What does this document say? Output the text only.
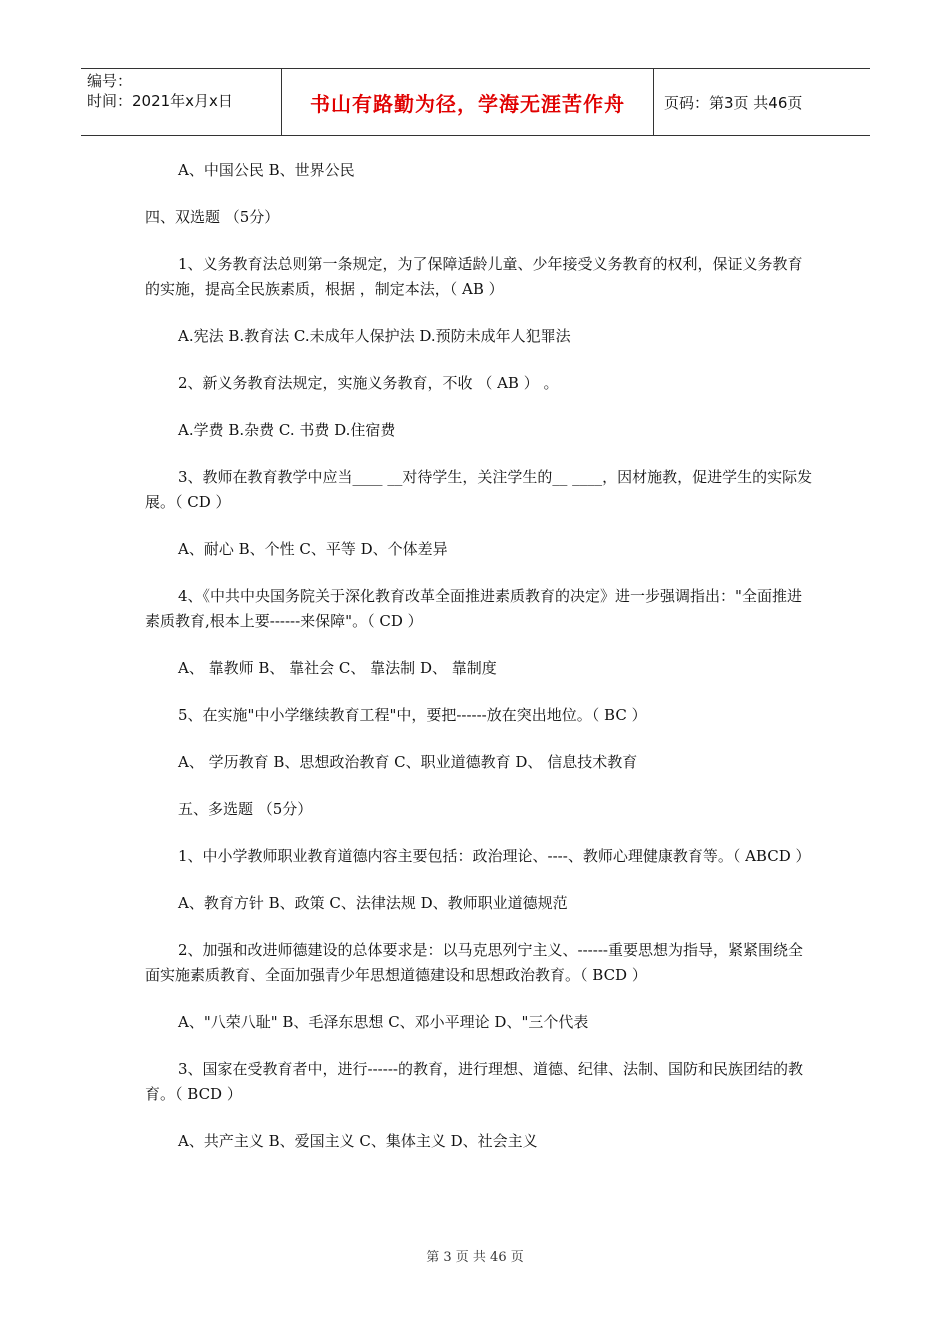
编号：
时间：2021年x月x日	书山有路勤为径，学海无涯苦作舟	页码：第3页 共46页

A、中国公民 B、世界公民

四、双选题 （5分）

1、义务教育法总则第一条规定，为了保障适龄儿童、少年接受义务教育的权利，保证义务教育的实施，提高全民族素质，根据 ，制定本法，（ AB ）

A.宪法 B.教育法 C.未成年人保护法 D.预防未成年人犯罪法

2、新义务教育法规定，实施义务教育，不收 （ AB ） 。

A.学费 B.杂费 C. 书费 D.住宿费

3、教师在教育教学中应当____ __对待学生，关注学生的__ ____，因材施教，促进学生的实际发展。（ CD ）

A、耐心 B、个性 C、平等 D、个体差异

4、《中共中央国务院关于深化教育改革全面推进素质教育的决定》进一步强调指出："全面推进素质教育,根本上要------来保障"。（ CD ）

A、 靠教师 B、 靠社会 C、 靠法制 D、 靠制度

5、在实施"中小学继续教育工程"中，要把------放在突出地位。（ BC ）

A、 学历教育 B、思想政治教育 C、职业道德教育 D、 信息技术教育

五、多选题 （5分）

1、中小学教师职业教育道德内容主要包括：政治理论、----、教师心理健康教育等。（ ABCD ）

A、教育方针 B、政策 C、法律法规 D、教师职业道德规范

2、加强和改进师德建设的总体要求是：以马克思列宁主义、------重要思想为指导，紧紧围绕全面实施素质教育、全面加强青少年思想道德建设和思想政治教育。（ BCD ）

A、"八荣八耻" B、毛泽东思想 C、邓小平理论 D、"三个代表

3、国家在受教育者中，进行------的教育，进行理想、道德、纪律、法制、国防和民族团结的教育。（ BCD ）

A、共产主义 B、爱国主义 C、集体主义 D、社会主义

第 3 页 共 46 页
